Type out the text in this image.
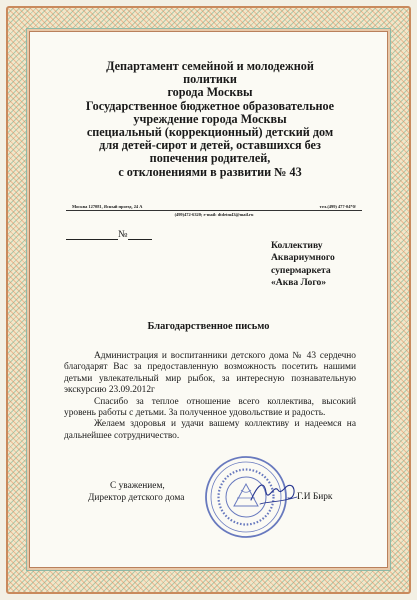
Департамент семейной и молодежной
политики
города Москвы
Государственное бюджетное образовательное
учреждение города Москвы
специальный (коррекционный) детский дом
для детей-сирот и детей, оставшихся без
попечения родителей,
с отклонениями в развитии № 43
Москва 127081, Ясный проезд, 24 А	тел.(499) 477-04*0/
(499)472-6320; e-mail: dtdetm43@mail.ru
№
Коллективу
Аквариумного
супермаркета
«Аква Лого»
Благодарственное письмо

Администрация и воспитанники детского дома № 43 сердечно благодарят Вас за предоставленную возможность посетить нашими детьми увлекательный мир рыбок, за интересную познавательную экскурсию 23.09.2012г

Спасибо за теплое отношение всего коллектива, высокий уровень работы с детьми. За полученное удовольствие и радость.

Желаем здоровья и удачи вашему коллективу и надеемся на дальнейшее сотрудничество.

С уважением,
Директор детского дома	Г.И Бирк
